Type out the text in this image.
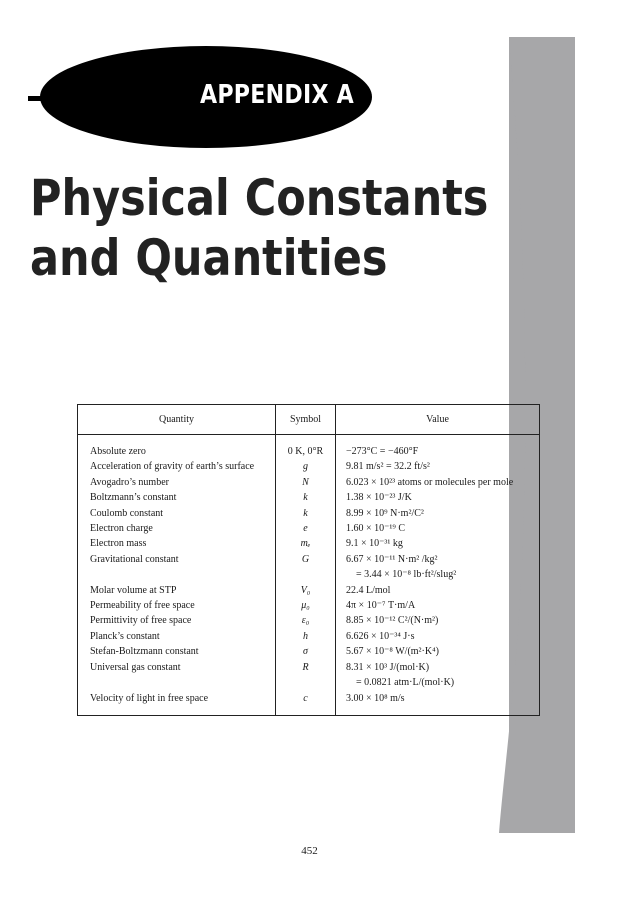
APPENDIX A
Physical Constants
and Quantities
Quantity	Symbol	Value
Absolute zero	0 K, 0°R	−273°C = −460°F

Acceleration of gravity of earth’s surface	g	9.81 m/s² = 32.2 ft/s²

Avogadro’s number	N	6.023 × 10²³ atoms or molecules per mole

Boltzmann’s constant	k	1.38 × 10⁻²³ J/K

Coulomb constant	k	8.99 × 10⁹ N·m²/C²

Electron charge	e	1.60 × 10⁻¹⁹ C

Electron mass	mₑ	9.1 × 10⁻³¹ kg

Gravitational constant	G	6.67 × 10⁻¹¹ N·m² /kg²
= 3.44 × 10⁻⁸ lb·ft²/slug²

Molar volume at STP	V₀	22.4 L/mol

Permeability of free space	μ₀	4π × 10⁻⁷ T·m/A

Permittivity of free space	ε₀	8.85 × 10⁻¹² C²/(N·m²)

Planck’s constant	h	6.626 × 10⁻³⁴ J·s

Stefan-Boltzmann constant	σ	5.67 × 10⁻⁸ W/(m²·K⁴)

Universal gas constant	R	8.31 × 10³ J/(mol·K)
= 0.0821 atm·L/(mol·K)

Velocity of light in free space	c	3.00 × 10⁸ m/s
452
